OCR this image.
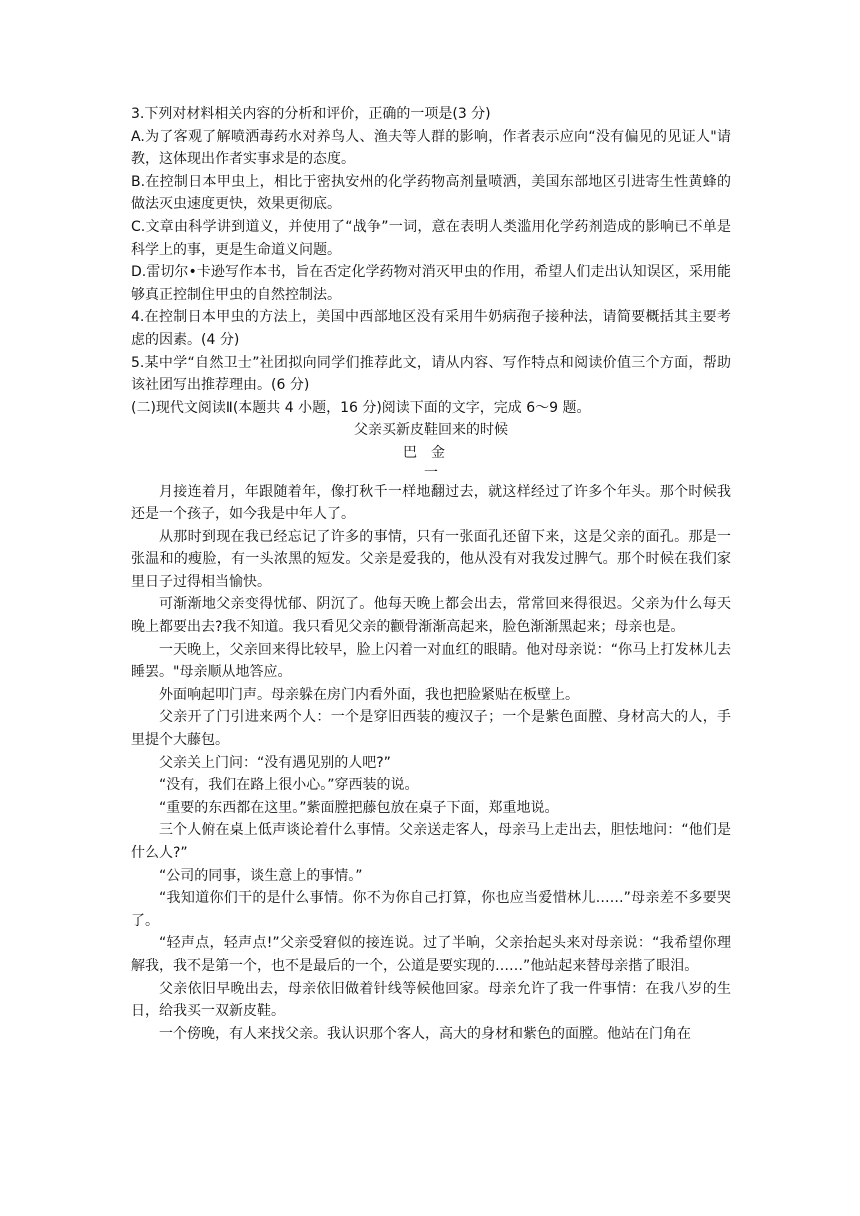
3.下列对材料相关内容的分析和评价，正确的一项是(3 分)

A.为了客观了解喷洒毒药水对养鸟人、渔夫等人群的影响，作者表示应向“没有偏见的见证人"请教，这体现出作者实事求是的态度。

B.在控制日本甲虫上，相比于密执安州的化学药物高剂量喷洒，美国东部地区引进寄生性黄蜂的做法灭虫速度更快，效果更彻底。

C.文章由科学讲到道义，并使用了“战争”一词，意在表明人类滥用化学药剂造成的影响已不单是科学上的事，更是生命道义问题。

D.雷切尔•卡逊写作本书，旨在否定化学药物对消灭甲虫的作用，希望人们走出认知误区，采用能够真正控制住甲虫的自然控制法。

4.在控制日本甲虫的方法上，美国中西部地区没有采用牛奶病孢子接种法，请简要概括其主要考虑的因素。(4 分)

5.某中学“自然卫士”社团拟向同学们推荐此文，请从内容、写作特点和阅读价值三个方面，帮助该社团写出推荐理由。(6 分)

(二)现代文阅读Ⅱ(本题共 4 小题，16 分)阅读下面的文字，完成 6～9 题。

父亲买新皮鞋回来的时候

巴金

一

月接连着月，年跟随着年，像打秋千一样地翻过去，就这样经过了许多个年头。那个时候我还是一个孩子，如今我是中年人了。

从那时到现在我已经忘记了许多的事情，只有一张面孔还留下来，这是父亲的面孔。那是一张温和的瘦脸，有一头浓黑的短发。父亲是爱我的，他从没有对我发过脾气。那个时候在我们家里日子过得相当愉快。

可渐渐地父亲变得忧郁、阴沉了。他每天晚上都会出去，常常回来得很迟。父亲为什么每天晚上都要出去?我不知道。我只看见父亲的颧骨渐渐高起来，脸色渐渐黑起来；母亲也是。

一天晚上，父亲回来得比较早，脸上闪着一对血红的眼睛。他对母亲说：“你马上打发林儿去睡罢。"母亲顺从地答应。

外面响起叩门声。母亲躲在房门内看外面，我也把脸紧贴在板壁上。

父亲开了门引进来两个人：一个是穿旧西装的瘦汉子；一个是紫色面膛、身材高大的人，手里提个大藤包。

父亲关上门问：“没有遇见别的人吧?”

“没有，我们在路上很小心。”穿西装的说。

“重要的东西都在这里。”紫面膛把藤包放在桌子下面，郑重地说。

三个人俯在桌上低声谈论着什么事情。父亲送走客人，母亲马上走出去，胆怯地问：“他们是什么人?”

“公司的同事，谈生意上的事情。”

“我知道你们干的是什么事情。你不为你自己打算，你也应当爱惜林儿……”母亲差不多要哭了。

“轻声点，轻声点!”父亲受窘似的接连说。过了半晌，父亲抬起头来对母亲说：“我希望你理解我，我不是第一个，也不是最后的一个，公道是要实现的……”他站起来替母亲揩了眼泪。

父亲依旧早晚出去，母亲依旧做着针线等候他回家。母亲允许了我一件事情：在我八岁的生日，给我买一双新皮鞋。

一个傍晚，有人来找父亲。我认识那个客人，高大的身材和紫色的面膛。他站在门角在
